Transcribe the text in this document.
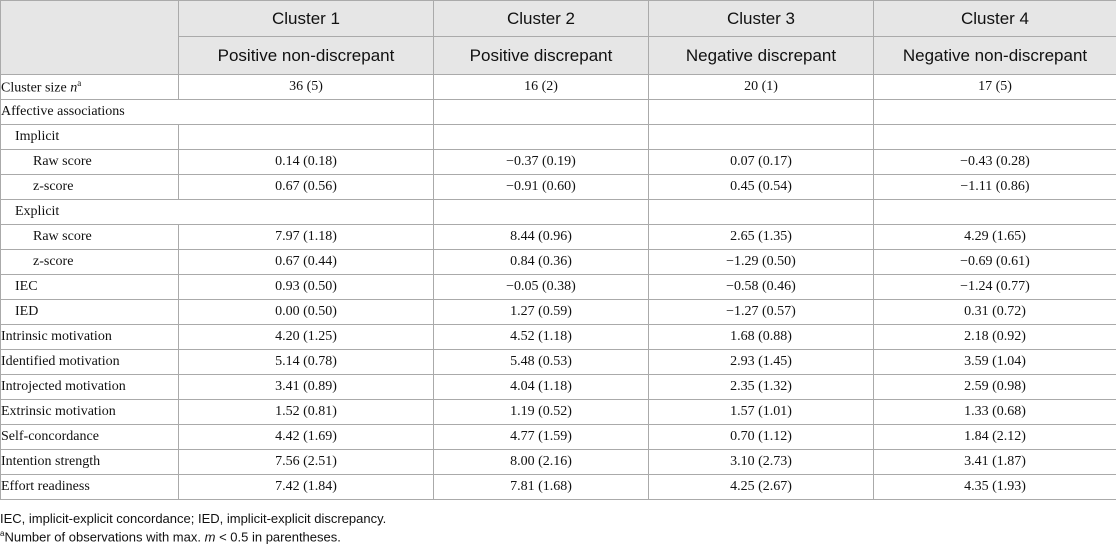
	Cluster 1	Cluster 2	Cluster 3	Cluster 4
	Positive non-discrepant	Positive discrepant	Negative discrepant	Negative non-discrepant
Cluster size $n^a$	36 (5)	16 (2)	20 (1)	17 (5)
Affective associations				
Implicit				
Raw score	0.14 (0.18)	−0.37 (0.19)	0.07 (0.17)	−0.43 (0.28)
z-score	0.67 (0.56)	−0.91 (0.60)	0.45 (0.54)	−1.11 (0.86)
Explicit				
Raw score	7.97 (1.18)	8.44 (0.96)	2.65 (1.35)	4.29 (1.65)
z-score	0.67 (0.44)	0.84 (0.36)	−1.29 (0.50)	−0.69 (0.61)
IEC	0.93 (0.50)	−0.05 (0.38)	−0.58 (0.46)	−1.24 (0.77)
IED	0.00 (0.50)	1.27 (0.59)	−1.27 (0.57)	0.31 (0.72)
Intrinsic motivation	4.20 (1.25)	4.52 (1.18)	1.68 (0.88)	2.18 (0.92)
Identified motivation	5.14 (0.78)	5.48 (0.53)	2.93 (1.45)	3.59 (1.04)
Introjected motivation	3.41 (0.89)	4.04 (1.18)	2.35 (1.32)	2.59 (0.98)
Extrinsic motivation	1.52 (0.81)	1.19 (0.52)	1.57 (1.01)	1.33 (0.68)
Self-concordance	4.42 (1.69)	4.77 (1.59)	0.70 (1.12)	1.84 (2.12)
Intention strength	7.56 (2.51)	8.00 (2.16)	3.10 (2.73)	3.41 (1.87)
Effort readiness	7.42 (1.84)	7.81 (1.68)	4.25 (2.67)	4.35 (1.93)
IEC, implicit-explicit concordance; IED, implicit-explicit discrepancy.
$^a$Number of observations with max. m < 0.5 in parentheses.
